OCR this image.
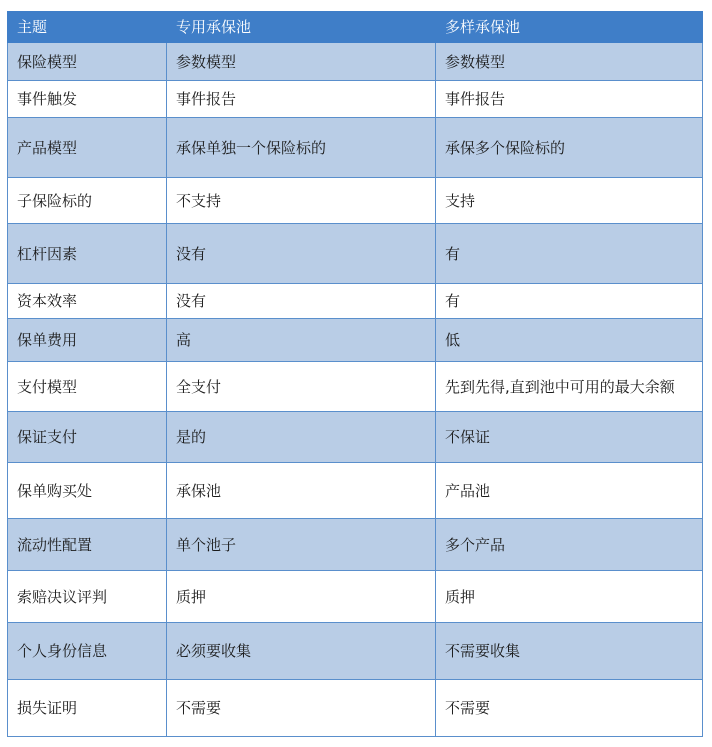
主题	专用承保池	多样承保池
保险模型	参数模型	参数模型
事件触发	事件报告	事件报告
产品模型	承保单独一个保险标的	承保多个保险标的
子保险标的	不支持	支持
杠杆因素	没有	有
资本效率	没有	有
保单费用	高	低
支付模型	全支付	先到先得,直到池中可用的最大余额
保证支付	是的	不保证
保单购买处	承保池	产品池
流动性配置	单个池子	多个产品
索赔决议评判	质押	质押
个人身份信息	必须要收集	不需要收集
损失证明	不需要	不需要
